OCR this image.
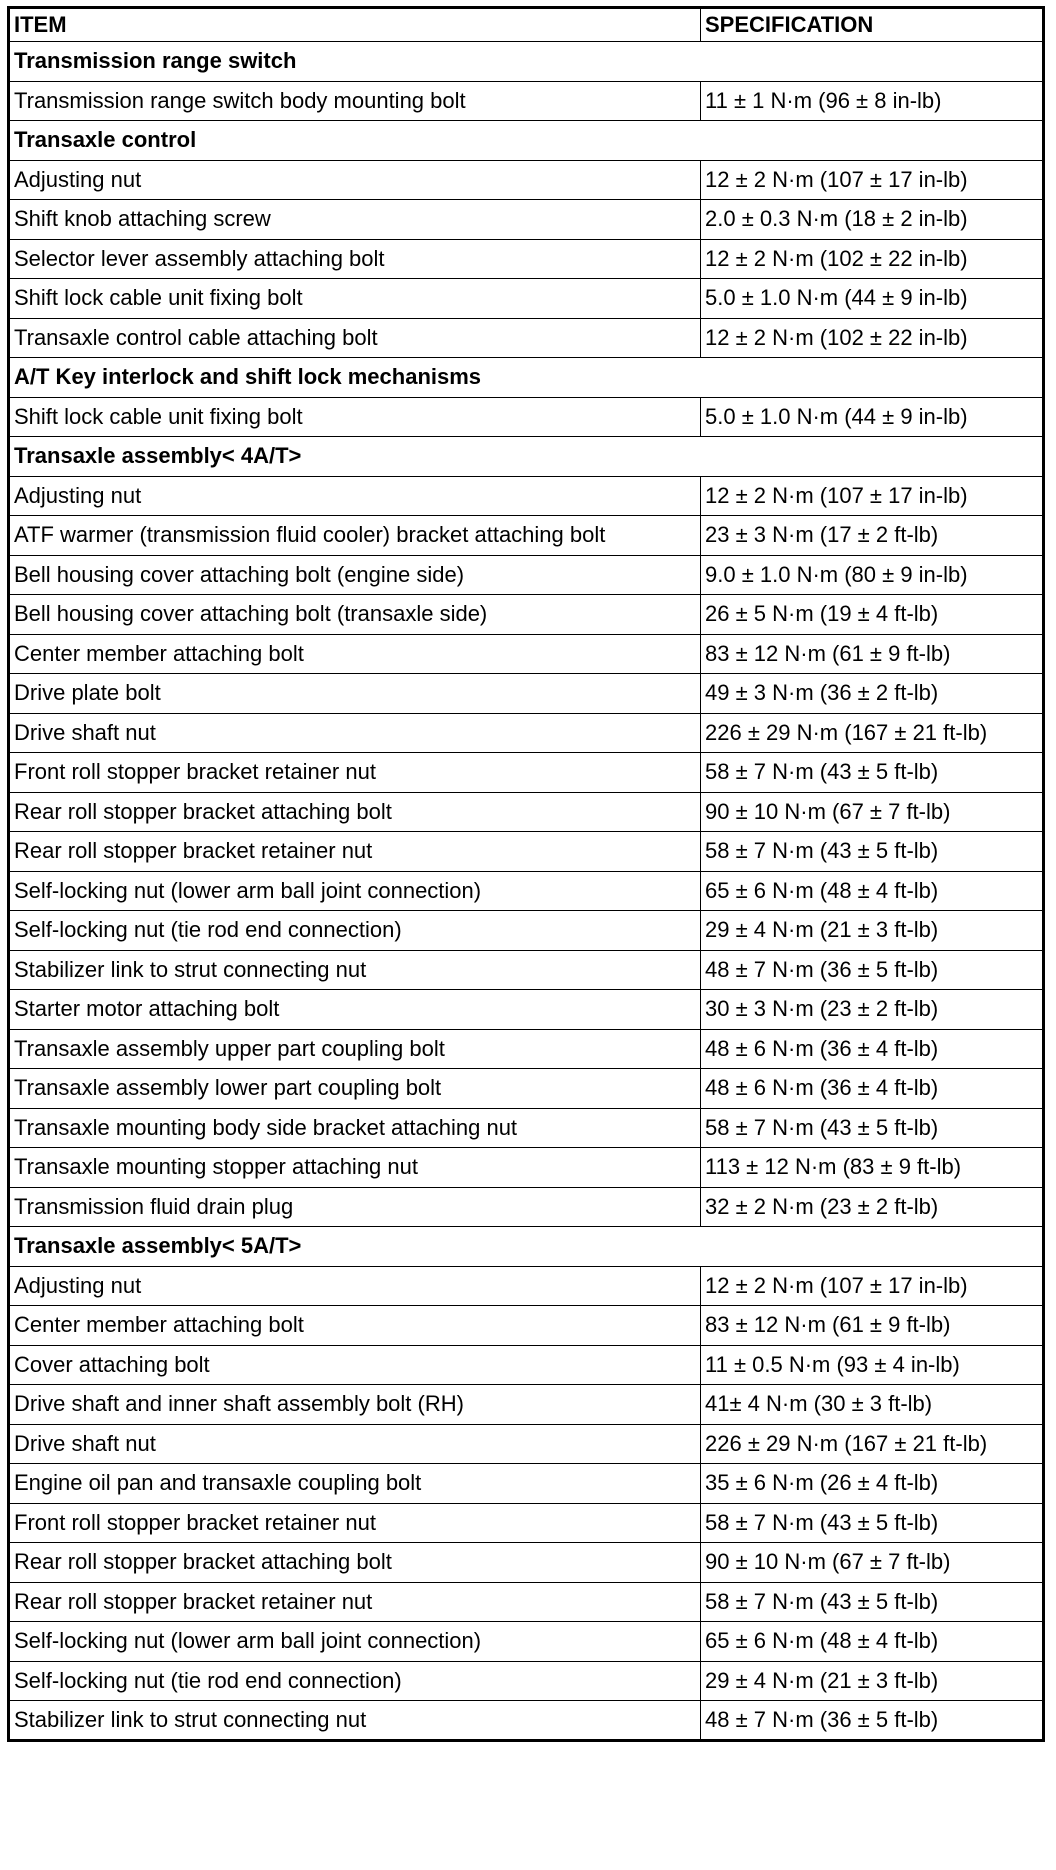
ITEM	SPECIFICATION
Transmission range switch	
Transmission range switch body mounting bolt	11 ± 1 N·m (96 ± 8 in-lb)
Transaxle control	
Adjusting nut	12 ± 2 N·m (107 ± 17 in-lb)
Shift knob attaching screw	2.0 ± 0.3 N·m (18 ± 2 in-lb)
Selector lever assembly attaching bolt	12 ± 2 N·m (102 ± 22 in-lb)
Shift lock cable unit fixing bolt	5.0 ± 1.0 N·m (44 ± 9 in-lb)
Transaxle control cable attaching bolt	12 ± 2 N·m (102 ± 22 in-lb)
A/T Key interlock and shift lock mechanisms	
Shift lock cable unit fixing bolt	5.0 ± 1.0 N·m (44 ± 9 in-lb)
Transaxle assembly< 4A/T>	
Adjusting nut	12 ± 2 N·m (107 ± 17 in-lb)
ATF warmer (transmission fluid cooler) bracket attaching bolt	23 ± 3 N·m (17 ± 2 ft-lb)
Bell housing cover attaching bolt (engine side)	9.0 ± 1.0 N·m (80 ± 9 in-lb)
Bell housing cover attaching bolt (transaxle side)	26 ± 5 N·m (19 ± 4 ft-lb)
Center member attaching bolt	83 ± 12 N·m (61 ± 9 ft-lb)
Drive plate bolt	49 ± 3 N·m (36 ± 2 ft-lb)
Drive shaft nut	226 ± 29 N·m (167 ± 21 ft-lb)
Front roll stopper bracket retainer nut	58 ± 7 N·m (43 ± 5 ft-lb)
Rear roll stopper bracket attaching bolt	90 ± 10 N·m (67 ± 7 ft-lb)
Rear roll stopper bracket retainer nut	58 ± 7 N·m (43 ± 5 ft-lb)
Self-locking nut (lower arm ball joint connection)	65 ± 6 N·m (48 ± 4 ft-lb)
Self-locking nut (tie rod end connection)	29 ± 4 N·m (21 ± 3 ft-lb)
Stabilizer link to strut connecting nut	48 ± 7 N·m (36 ± 5 ft-lb)
Starter motor attaching bolt	30 ± 3 N·m (23 ± 2 ft-lb)
Transaxle assembly upper part coupling bolt	48 ± 6 N·m (36 ± 4 ft-lb)
Transaxle assembly lower part coupling bolt	48 ± 6 N·m (36 ± 4 ft-lb)
Transaxle mounting body side bracket attaching nut	58 ± 7 N·m (43 ± 5 ft-lb)
Transaxle mounting stopper attaching nut	113 ± 12 N·m (83 ± 9 ft-lb)
Transmission fluid drain plug	32 ± 2 N·m (23 ± 2 ft-lb)
Transaxle assembly< 5A/T>	
Adjusting nut	12 ± 2 N·m (107 ± 17 in-lb)
Center member attaching bolt	83 ± 12 N·m (61 ± 9 ft-lb)
Cover attaching bolt	11 ± 0.5 N·m (93 ± 4 in-lb)
Drive shaft and inner shaft assembly bolt (RH)	41± 4 N·m (30 ± 3 ft-lb)
Drive shaft nut	226 ± 29 N·m (167 ± 21 ft-lb)
Engine oil pan and transaxle coupling bolt	35 ± 6 N·m (26 ± 4 ft-lb)
Front roll stopper bracket retainer nut	58 ± 7 N·m (43 ± 5 ft-lb)
Rear roll stopper bracket attaching bolt	90 ± 10 N·m (67 ± 7 ft-lb)
Rear roll stopper bracket retainer nut	58 ± 7 N·m (43 ± 5 ft-lb)
Self-locking nut (lower arm ball joint connection)	65 ± 6 N·m (48 ± 4 ft-lb)
Self-locking nut (tie rod end connection)	29 ± 4 N·m (21 ± 3 ft-lb)
Stabilizer link to strut connecting nut	48 ± 7 N·m (36 ± 5 ft-lb)
